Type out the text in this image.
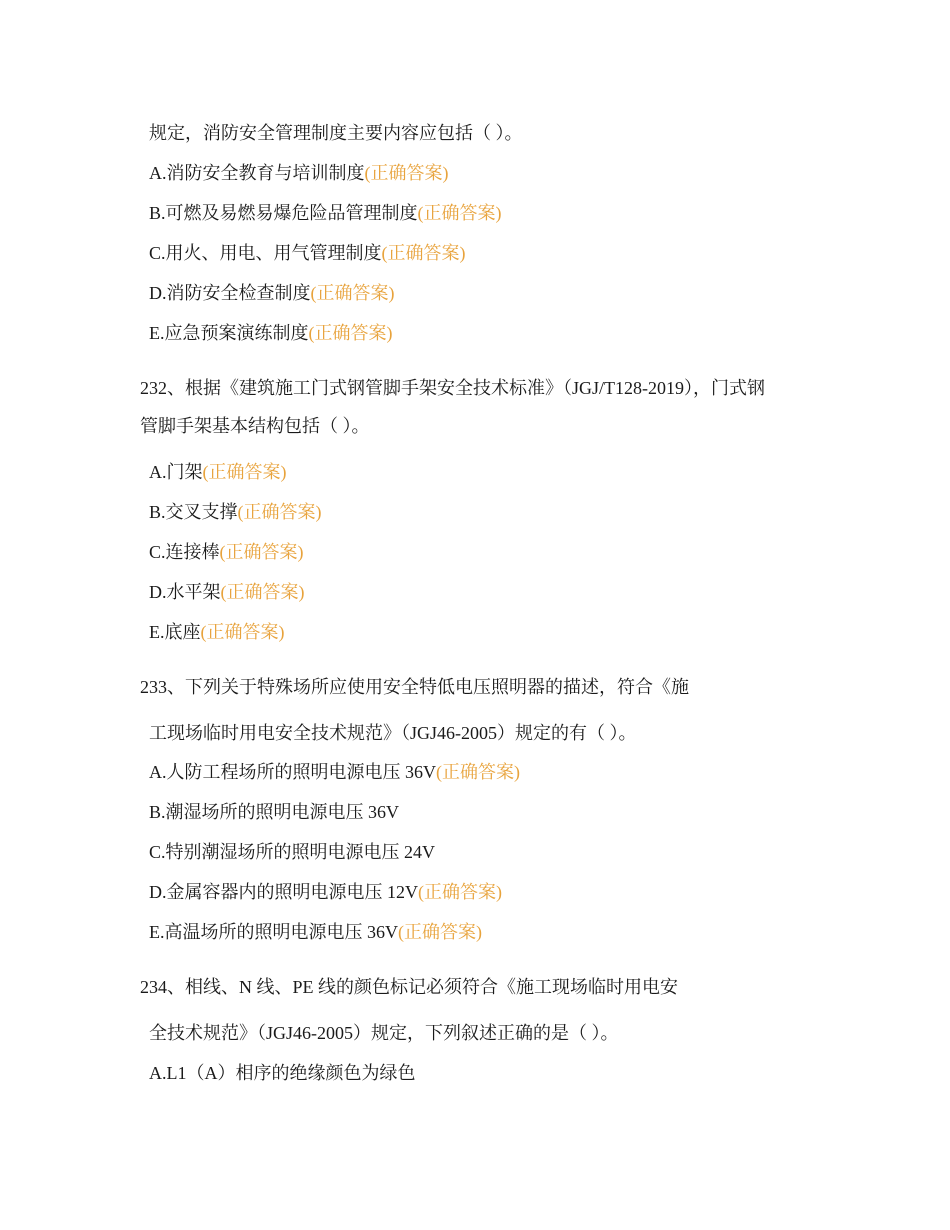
规定，消防安全管理制度主要内容应包括（ ）。
A.消防安全教育与培训制度(正确答案)
B.可燃及易燃易爆危险品管理制度(正确答案)
C.用火、用电、用气管理制度(正确答案)
D.消防安全检查制度(正确答案)
E.应急预案演练制度(正确答案)
232、根据《建筑施工门式钢管脚手架安全技术标准》（JGJ/T128-2019），门式钢
管脚手架基本结构包括（ ）。
A.门架(正确答案)
B.交叉支撑(正确答案)
C.连接棒(正确答案)
D.水平架(正确答案)
E.底座(正确答案)
233、下列关于特殊场所应使用安全特低电压照明器的描述，符合《施
工现场临时用电安全技术规范》（JGJ46-2005）规定的有（ ）。
A.人防工程场所的照明电源电压 36V(正确答案)
B.潮湿场所的照明电源电压 36V
C.特别潮湿场所的照明电源电压 24V
D.金属容器内的照明电源电压 12V(正确答案)
E.高温场所的照明电源电压 36V(正确答案)
234、相线、N 线、PE 线的颜色标记必须符合《施工现场临时用电安
全技术规范》（JGJ46-2005）规定，下列叙述正确的是（ ）。
A.L1（A）相序的绝缘颜色为绿色
